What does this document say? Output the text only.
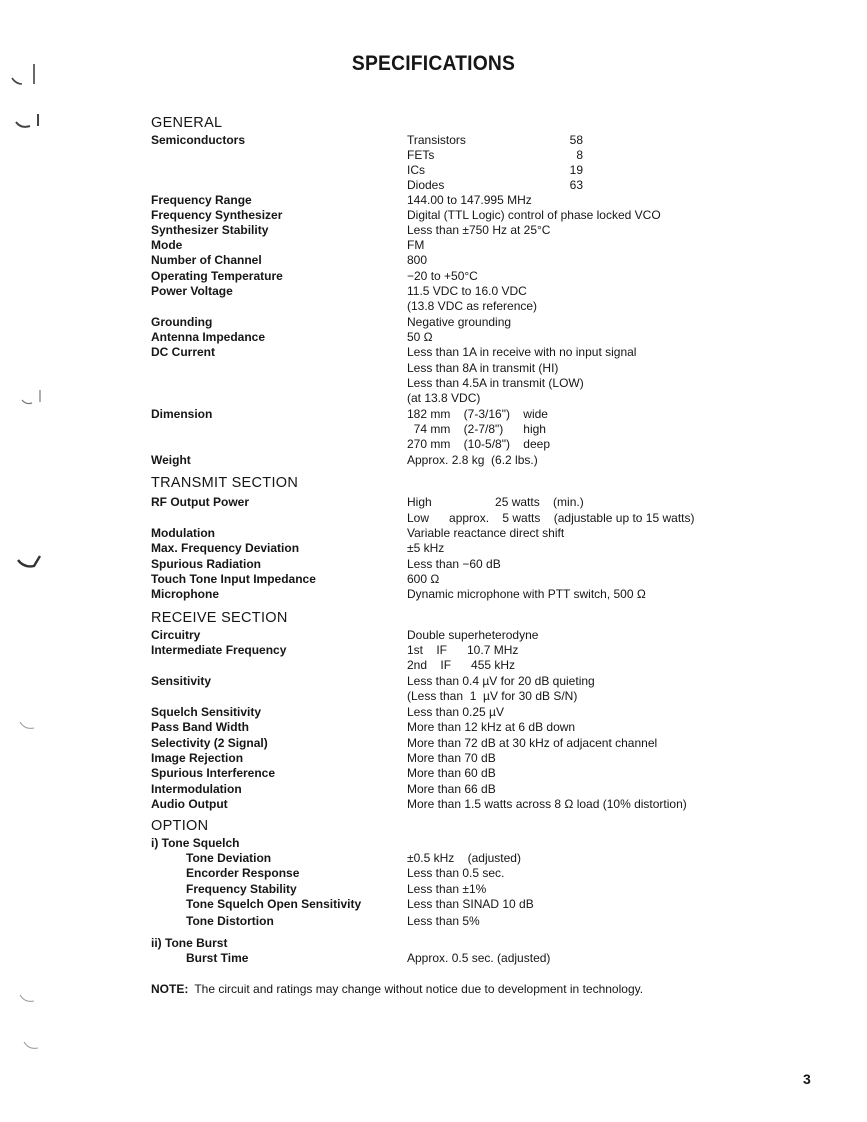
SPECIFICATIONS
GENERAL
Semiconductors	Transistors	58
FETs	8
ICs	19
Diodes	63
Frequency Range	144.00 to 147.995 MHz
Frequency Synthesizer	Digital (TTL Logic) control of phase locked VCO
Synthesizer Stability	Less than ±750 Hz at 25°C
Mode	FM
Number of Channel	800
Operating Temperature	−20 to +50°C
Power Voltage	11.5 VDC to 16.0 VDC
(13.8 VDC as reference)
Grounding	Negative grounding
Antenna Impedance	50 Ω
DC Current	Less than 1A in receive with no input signal
Less than 8A in transmit (HI)
Less than 4.5A in transmit (LOW)
(at 13.8 VDC)
Dimension	182 mm    (7-3/16")    wide
74 mm    (2-7/8")      high
270 mm    (10-5/8")    deep
Weight	Approx. 2.8 kg  (6.2 lbs.)
TRANSMIT SECTION
RF Output Power	High                   25 watts    (min.)
Low      approx.    5 watts    (adjustable up to 15 watts)
Modulation	Variable reactance direct shift
Max. Frequency Deviation	±5 kHz
Spurious Radiation	Less than −60 dB
Touch Tone Input Impedance	600 Ω
Microphone	Dynamic microphone with PTT switch, 500 Ω
RECEIVE SECTION
Circuitry	Double superheterodyne
Intermediate Frequency	1st    IF      10.7 MHz
2nd    IF      455 kHz
Sensitivity	Less than 0.4 µV for 20 dB quieting
(Less than  1  µV for 30 dB S/N)
Squelch Sensitivity	Less than 0.25 µV
Pass Band Width	More than 12 kHz at 6 dB down
Selectivity (2 Signal)	More than 72 dB at 30 kHz of adjacent channel
Image Rejection	More than 70 dB
Spurious Interference	More than 60 dB
Intermodulation	More than 66 dB
Audio Output	More than 1.5 watts across 8 Ω load (10% distortion)
OPTION
i) Tone Squelch
Tone Deviation	±0.5 kHz    (adjusted)
Encorder Response	Less than 0.5 sec.
Frequency Stability	Less than ±1%
Tone Squelch Open Sensitivity	Less than SINAD 10 dB
Tone Distortion	Less than 5%
ii) Tone Burst
Burst Time	Approx. 0.5 sec. (adjusted)
NOTE: The circuit and ratings may change without notice due to development in technology.
3
